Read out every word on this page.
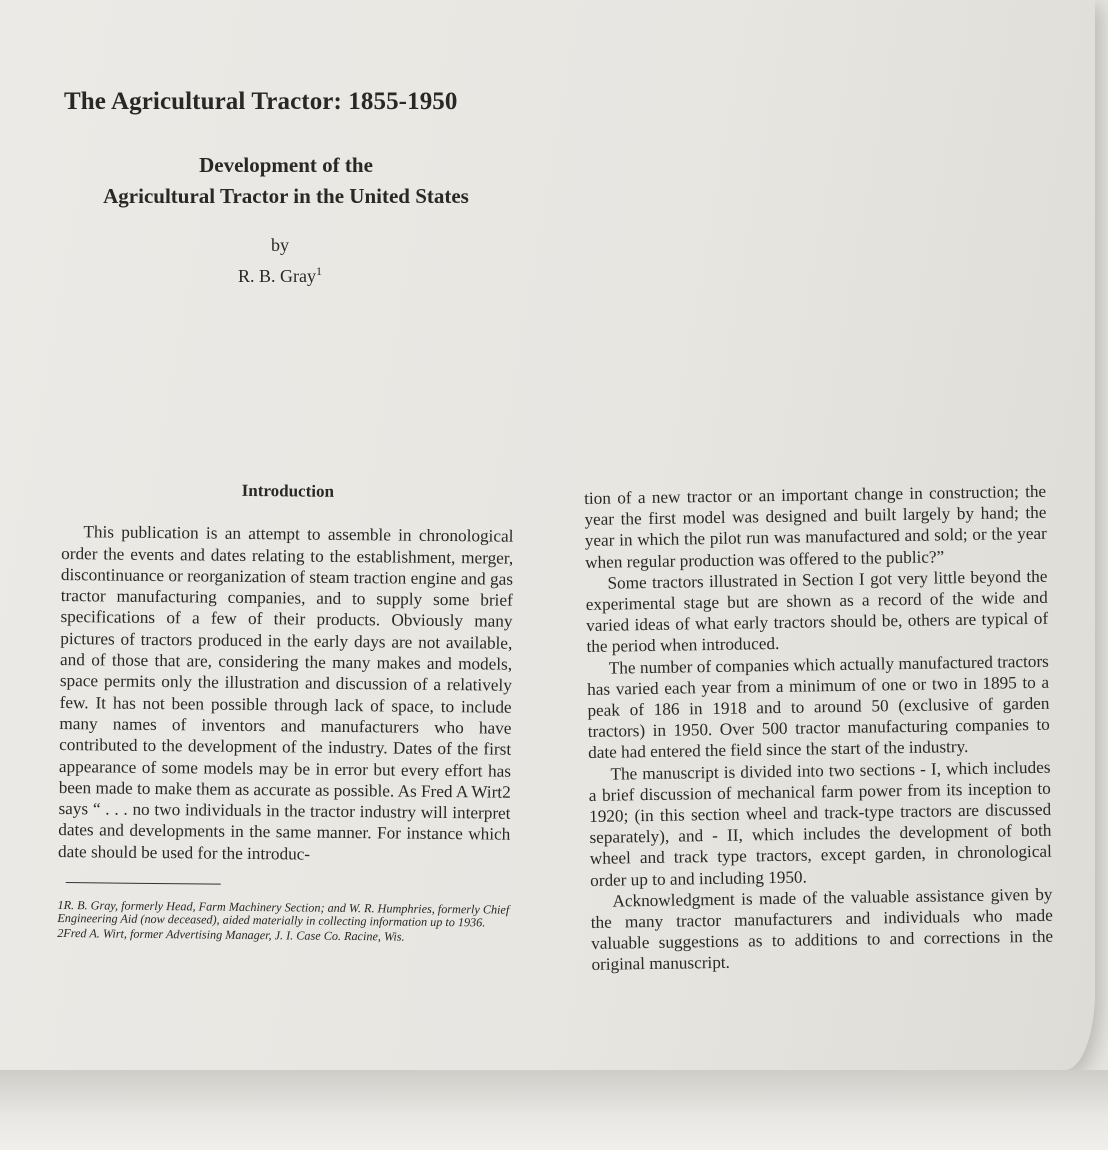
The Agricultural Tractor: 1855-1950
Development of the
Agricultural Tractor in the United States
by
R. B. Gray$^1$
Introduction

This publication is an attempt to assemble in chronological order the events and dates relating to the establishment, merger, discontinuance or reorganization of steam traction engine and gas tractor manufacturing companies, and to supply some brief specifications of a few of their products. Obviously many pictures of tractors produced in the early days are not available, and of those that are, considering the many makes and models, space permits only the illustration and discussion of a relatively few. It has not been possible through lack of space, to include many names of inventors and manufacturers who have contributed to the development of the industry. Dates of the first appearance of some models may be in error but every effort has been made to make them as accurate as possible. As Fred A Wirt2 says “ . . . no two individuals in the tractor industry will interpret dates and developments in the same manner. For instance which date should be used for the introduc-

1R. B. Gray, formerly Head, Farm Machinery Section; and W. R. Humphries, formerly Chief Engineering Aid (now deceased), aided materially in collecting information up to 1936.
2Fred A. Wirt, former Advertising Manager, J. I. Case Co. Racine, Wis.

tion of a new tractor or an important change in construction; the year the first model was designed and built largely by hand; the year in which the pilot run was manufactured and sold; or the year when regular production was offered to the public?”

Some tractors illustrated in Section I got very little beyond the experimental stage but are shown as a record of the wide and varied ideas of what early tractors should be, others are typical of the period when introduced.

The number of companies which actually manufactured tractors has varied each year from a minimum of one or two in 1895 to a peak of 186 in 1918 and to around 50 (exclusive of garden tractors) in 1950. Over 500 tractor manufacturing companies to date had entered the field since the start of the industry.

The manuscript is divided into two sections - I, which includes a brief discussion of mechanical farm power from its inception to 1920; (in this section wheel and track-type tractors are discussed separately), and - II, which includes the development of both wheel and track type tractors, except garden, in chronological order up to and including 1950.

Acknowledgment is made of the valuable assistance given by the many tractor manufacturers and individuals who made valuable suggestions as to additions to and corrections in the original manuscript.
